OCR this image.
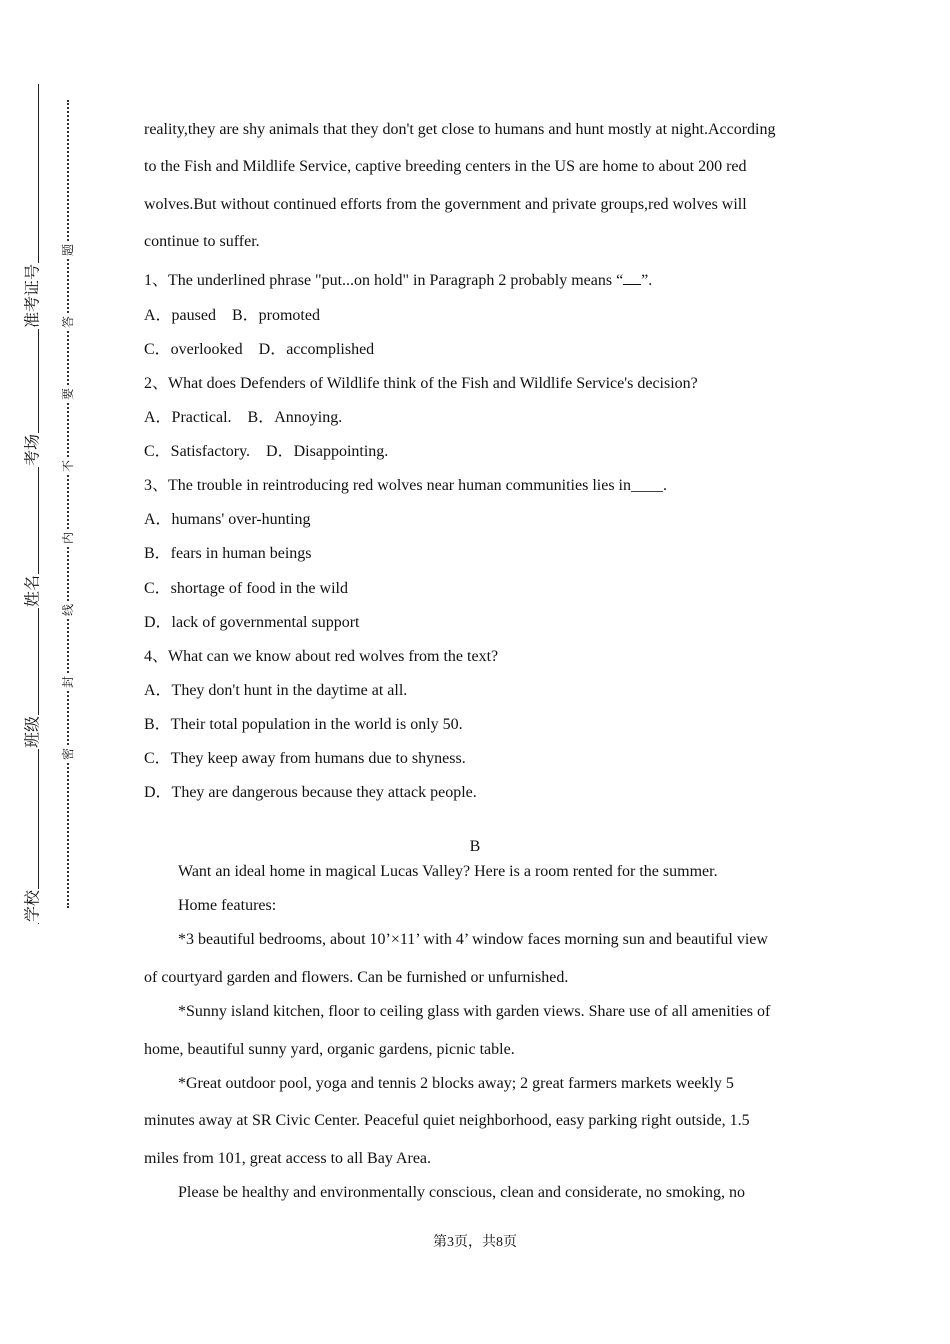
准考证号
考场
姓名
班级
学校
题
答
要
不
内
线
封
密
reality,they are shy animals that they don't get close to humans and hunt mostly at night.According
to the Fish and Mildlife Service, captive breeding centers in the US are home to about 200 red
wolves.But without continued efforts from the government and private groups,red wolves will
continue to suffer.
1、The underlined phrase "put...on hold" in Paragraph 2 probably means “ ”.
A．paused    B．promoted
C．overlooked    D．accomplished
2、What does Defenders of Wildlife think of the Fish and Wildlife Service's decision?
A．Practical.    B．Annoying.
C．Satisfactory.    D．Disappointing.
3、The trouble in reintroducing red wolves near human communities lies in____.
A．humans' over-hunting
B．fears in human beings
C．shortage of food in the wild
D．lack of governmental support
4、What can we know about red wolves from the text?
A．They don't hunt in the daytime at all.
B．Their total population in the world is only 50.
C．They keep away from humans due to shyness.
D．They are dangerous because they attack people.
B
Want an ideal home in magical Lucas Valley? Here is a room rented for the summer.
Home features:
*3 beautiful bedrooms, about 10’×11’ with 4’ window faces morning sun and beautiful view
of courtyard garden and flowers. Can be furnished or unfurnished.
*Sunny island kitchen, floor to ceiling glass with garden views. Share use of all amenities of
home, beautiful sunny yard, organic gardens, picnic table.
*Great outdoor pool, yoga and tennis 2 blocks away; 2 great farmers markets weekly 5
minutes away at SR Civic Center. Peaceful quiet neighborhood, easy parking right outside, 1.5
miles from 101, great access to all Bay Area.
Please be healthy and environmentally conscious, clean and considerate, no smoking, no
第3页，共8页
